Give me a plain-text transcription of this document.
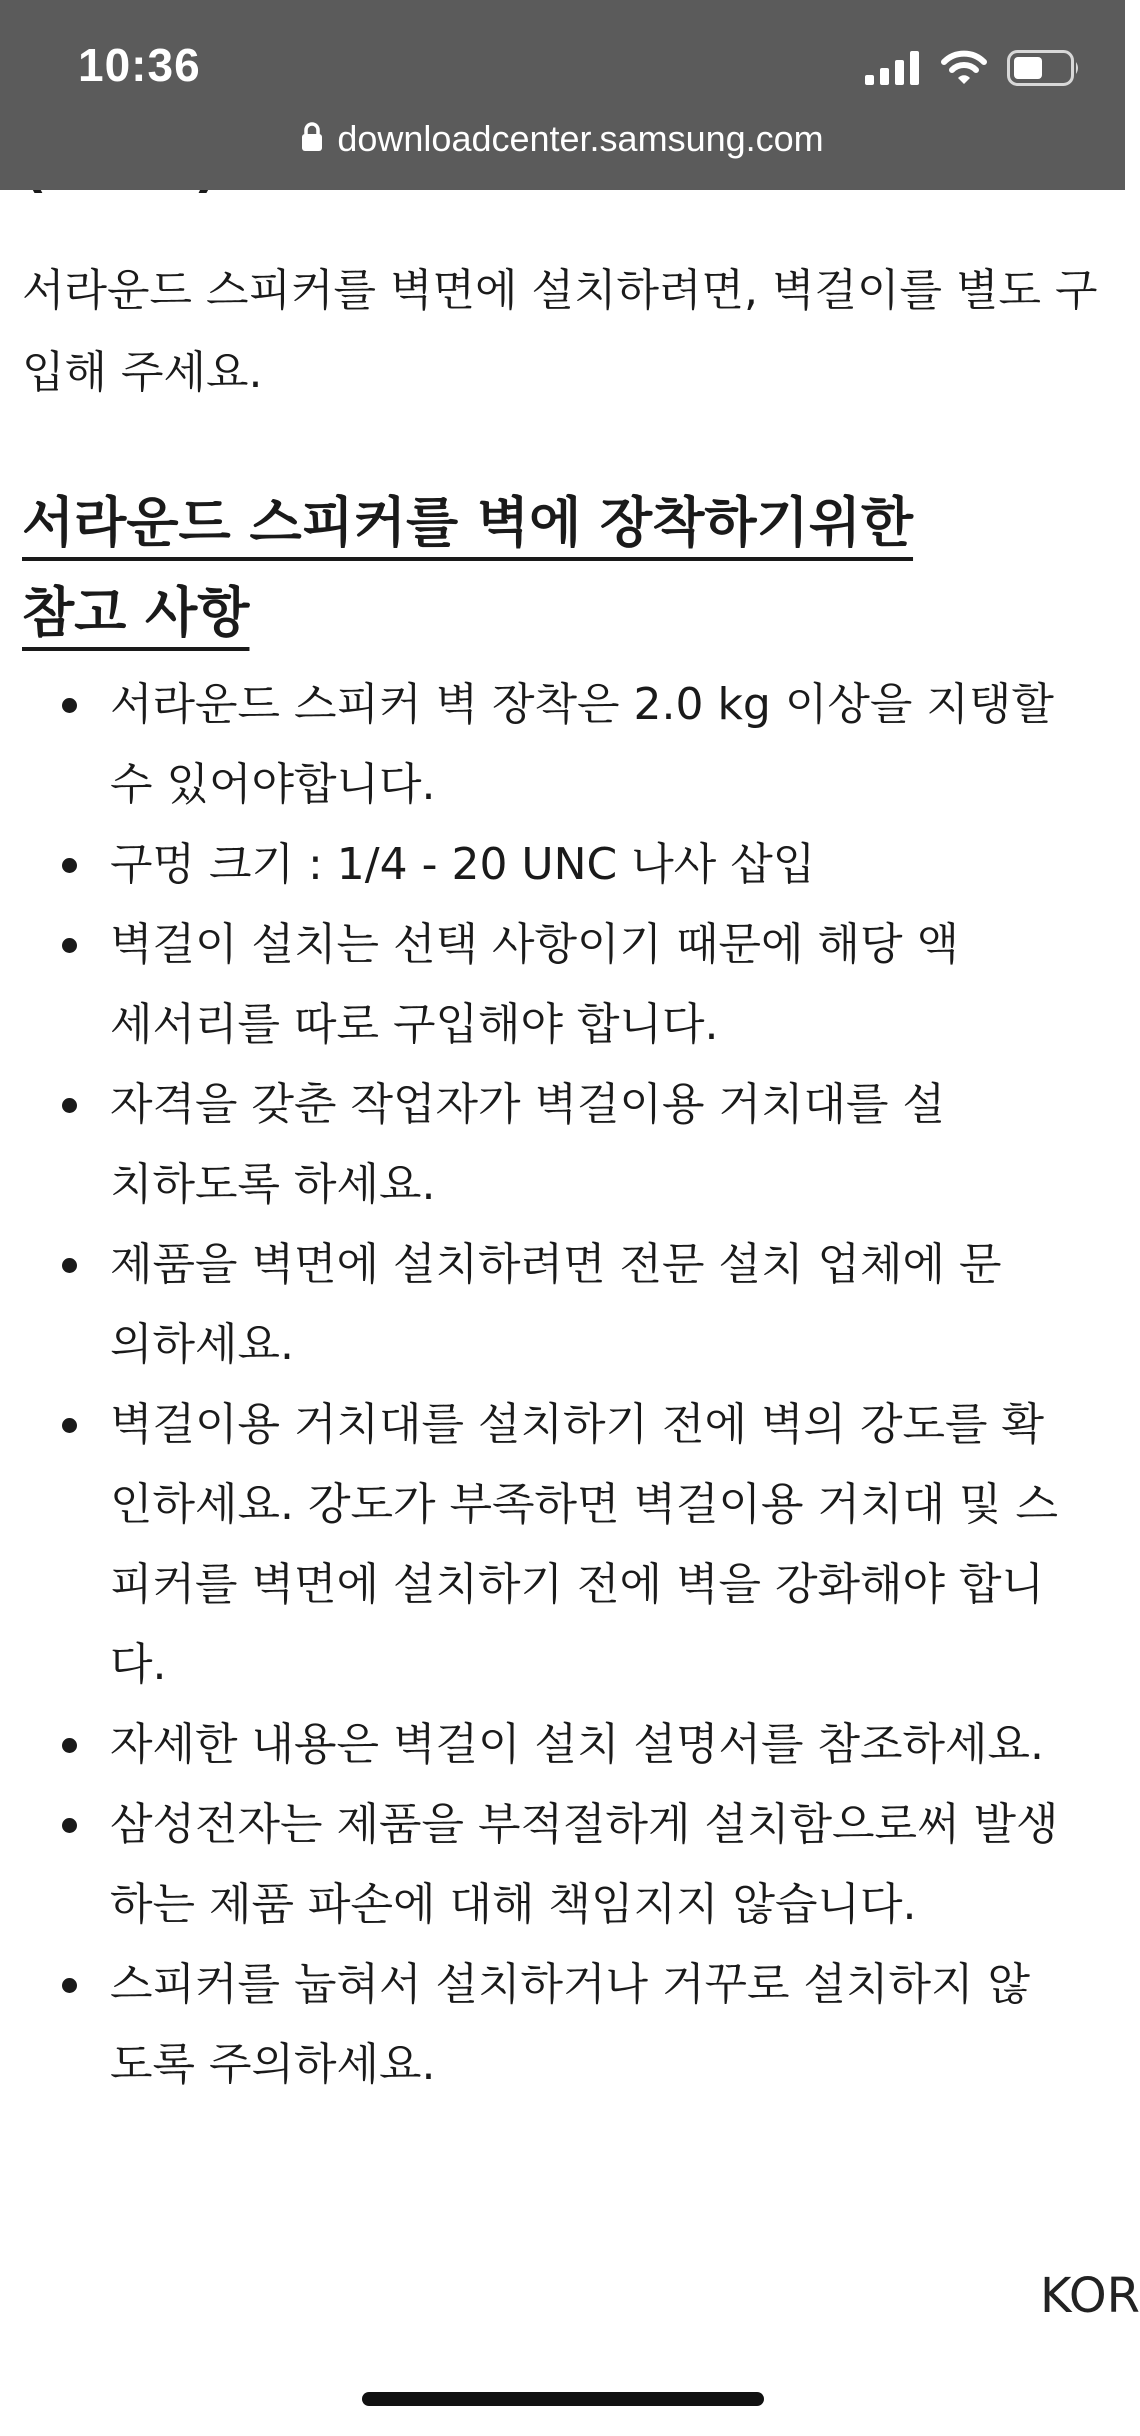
서라운드 스피커를 벽면에 설치하려면, 벽걸이를 별도 구입해 주세요.

서라운드 스피커를 벽에 장착하기위한
참고 사항
서라운드 스피커 벽 장착은 2.0 kg 이상을 지탱할 수 있어야합니다.
구멍 크기 : 1/4 - 20 UNC 나사 삽입
벽걸이 설치는 선택 사항이기 때문에 해당 액세서리를 따로 구입해야 합니다.
자격을 갖춘 작업자가 벽걸이용 거치대를 설치하도록 하세요.
제품을 벽면에 설치하려면 전문 설치 업체에 문의하세요.
벽걸이용 거치대를 설치하기 전에 벽의 강도를 확인하세요. 강도가 부족하면 벽걸이용 거치대 및 스피커를 벽면에 설치하기 전에 벽을 강화해야 합니다.
자세한 내용은 벽걸이 설치 설명서를 참조하세요.
삼성전자는 제품을 부적절하게 설치함으로써 발생하는 제품 파손에 대해 책임지지 않습니다.
스피커를 눕혀서 설치하거나 거꾸로 설치하지 않도록 주의하세요.
KOR
10:36
downloadcenter.samsung.com
